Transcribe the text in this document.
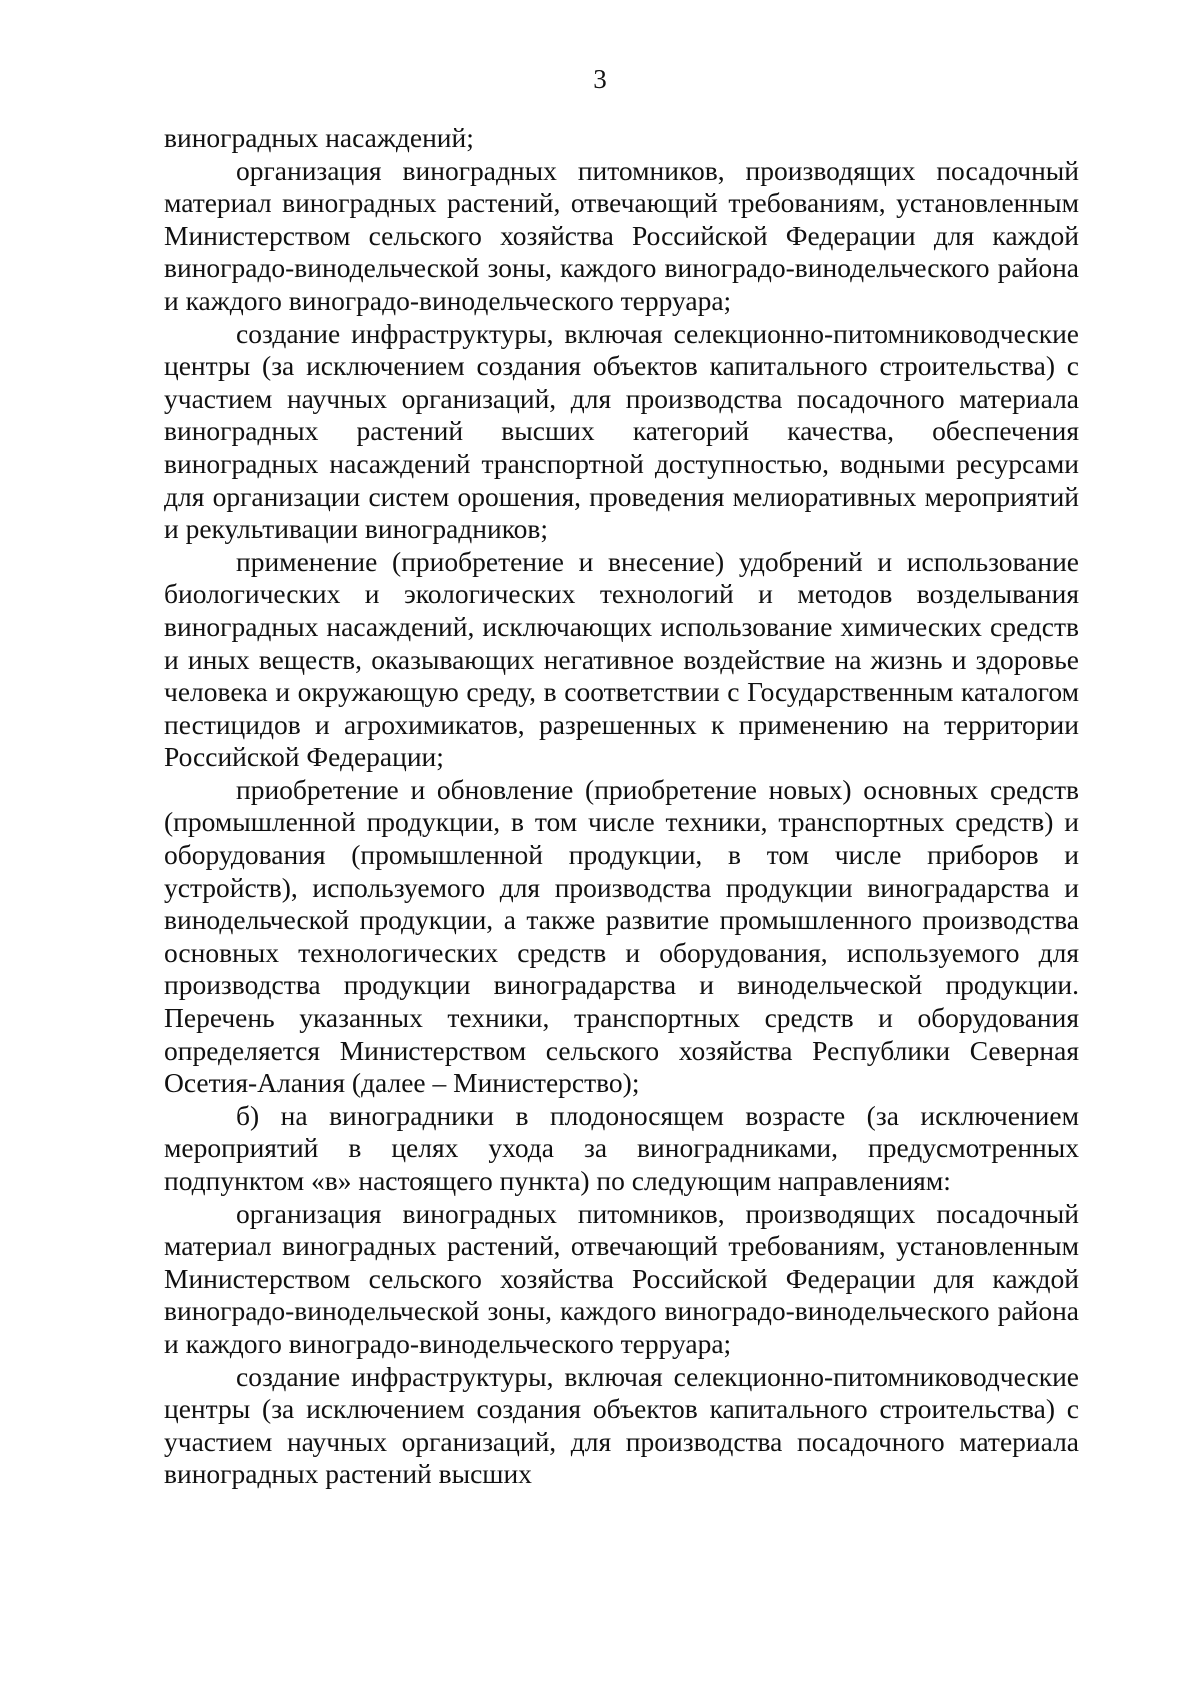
3

виноградных насаждений;

организация виноградных питомников, производящих посадочный материал виноградных растений, отвечающий требованиям, установленным Министерством сельского хозяйства Российской Федерации для каждой виноградо-винодельческой зоны, каждого виноградо-винодельческого района и каждого виноградо-винодельческого терруара;

создание инфраструктуры, включая селекционно-питомниководческие центры (за исключением создания объектов капитального строительства) с участием научных организаций, для производства посадочного материала виноградных растений высших категорий качества, обеспечения виноградных насаждений транспортной доступностью, водными ресурсами для организации систем орошения, проведения мелиоративных мероприятий и рекультивации виноградников;

применение (приобретение и внесение) удобрений и использование биологических и экологических технологий и методов возделывания виноградных насаждений, исключающих использование химических средств и иных веществ, оказывающих негативное воздействие на жизнь и здоровье человека и окружающую среду, в соответствии с Государственным каталогом пестицидов и агрохимикатов, разрешенных к применению на территории Российской Федерации;

приобретение и обновление (приобретение новых) основных средств (промышленной продукции, в том числе техники, транспортных средств) и оборудования (промышленной продукции, в том числе приборов и устройств), используемого для производства продукции виноградарства и винодельческой продукции, а также развитие промышленного производства основных технологических средств и оборудования, используемого для производства продукции виноградарства и винодельческой продукции. Перечень указанных техники, транспортных средств и оборудования определяется Министерством сельского хозяйства Республики Северная Осетия-Алания (далее – Министерство);

б) на виноградники в плодоносящем возрасте (за исключением мероприятий в целях ухода за виноградниками, предусмотренных подпунктом «в» настоящего пункта) по следующим направлениям:

организация виноградных питомников, производящих посадочный материал виноградных растений, отвечающий требованиям, установленным Министерством сельского хозяйства Российской Федерации для каждой виноградо-винодельческой зоны, каждого виноградо-винодельческого района и каждого виноградо-винодельческого терруара;

создание инфраструктуры, включая селекционно-питомниководческие центры (за исключением создания объектов капитального строительства) с участием научных организаций, для производства посадочного материала виноградных растений высших
